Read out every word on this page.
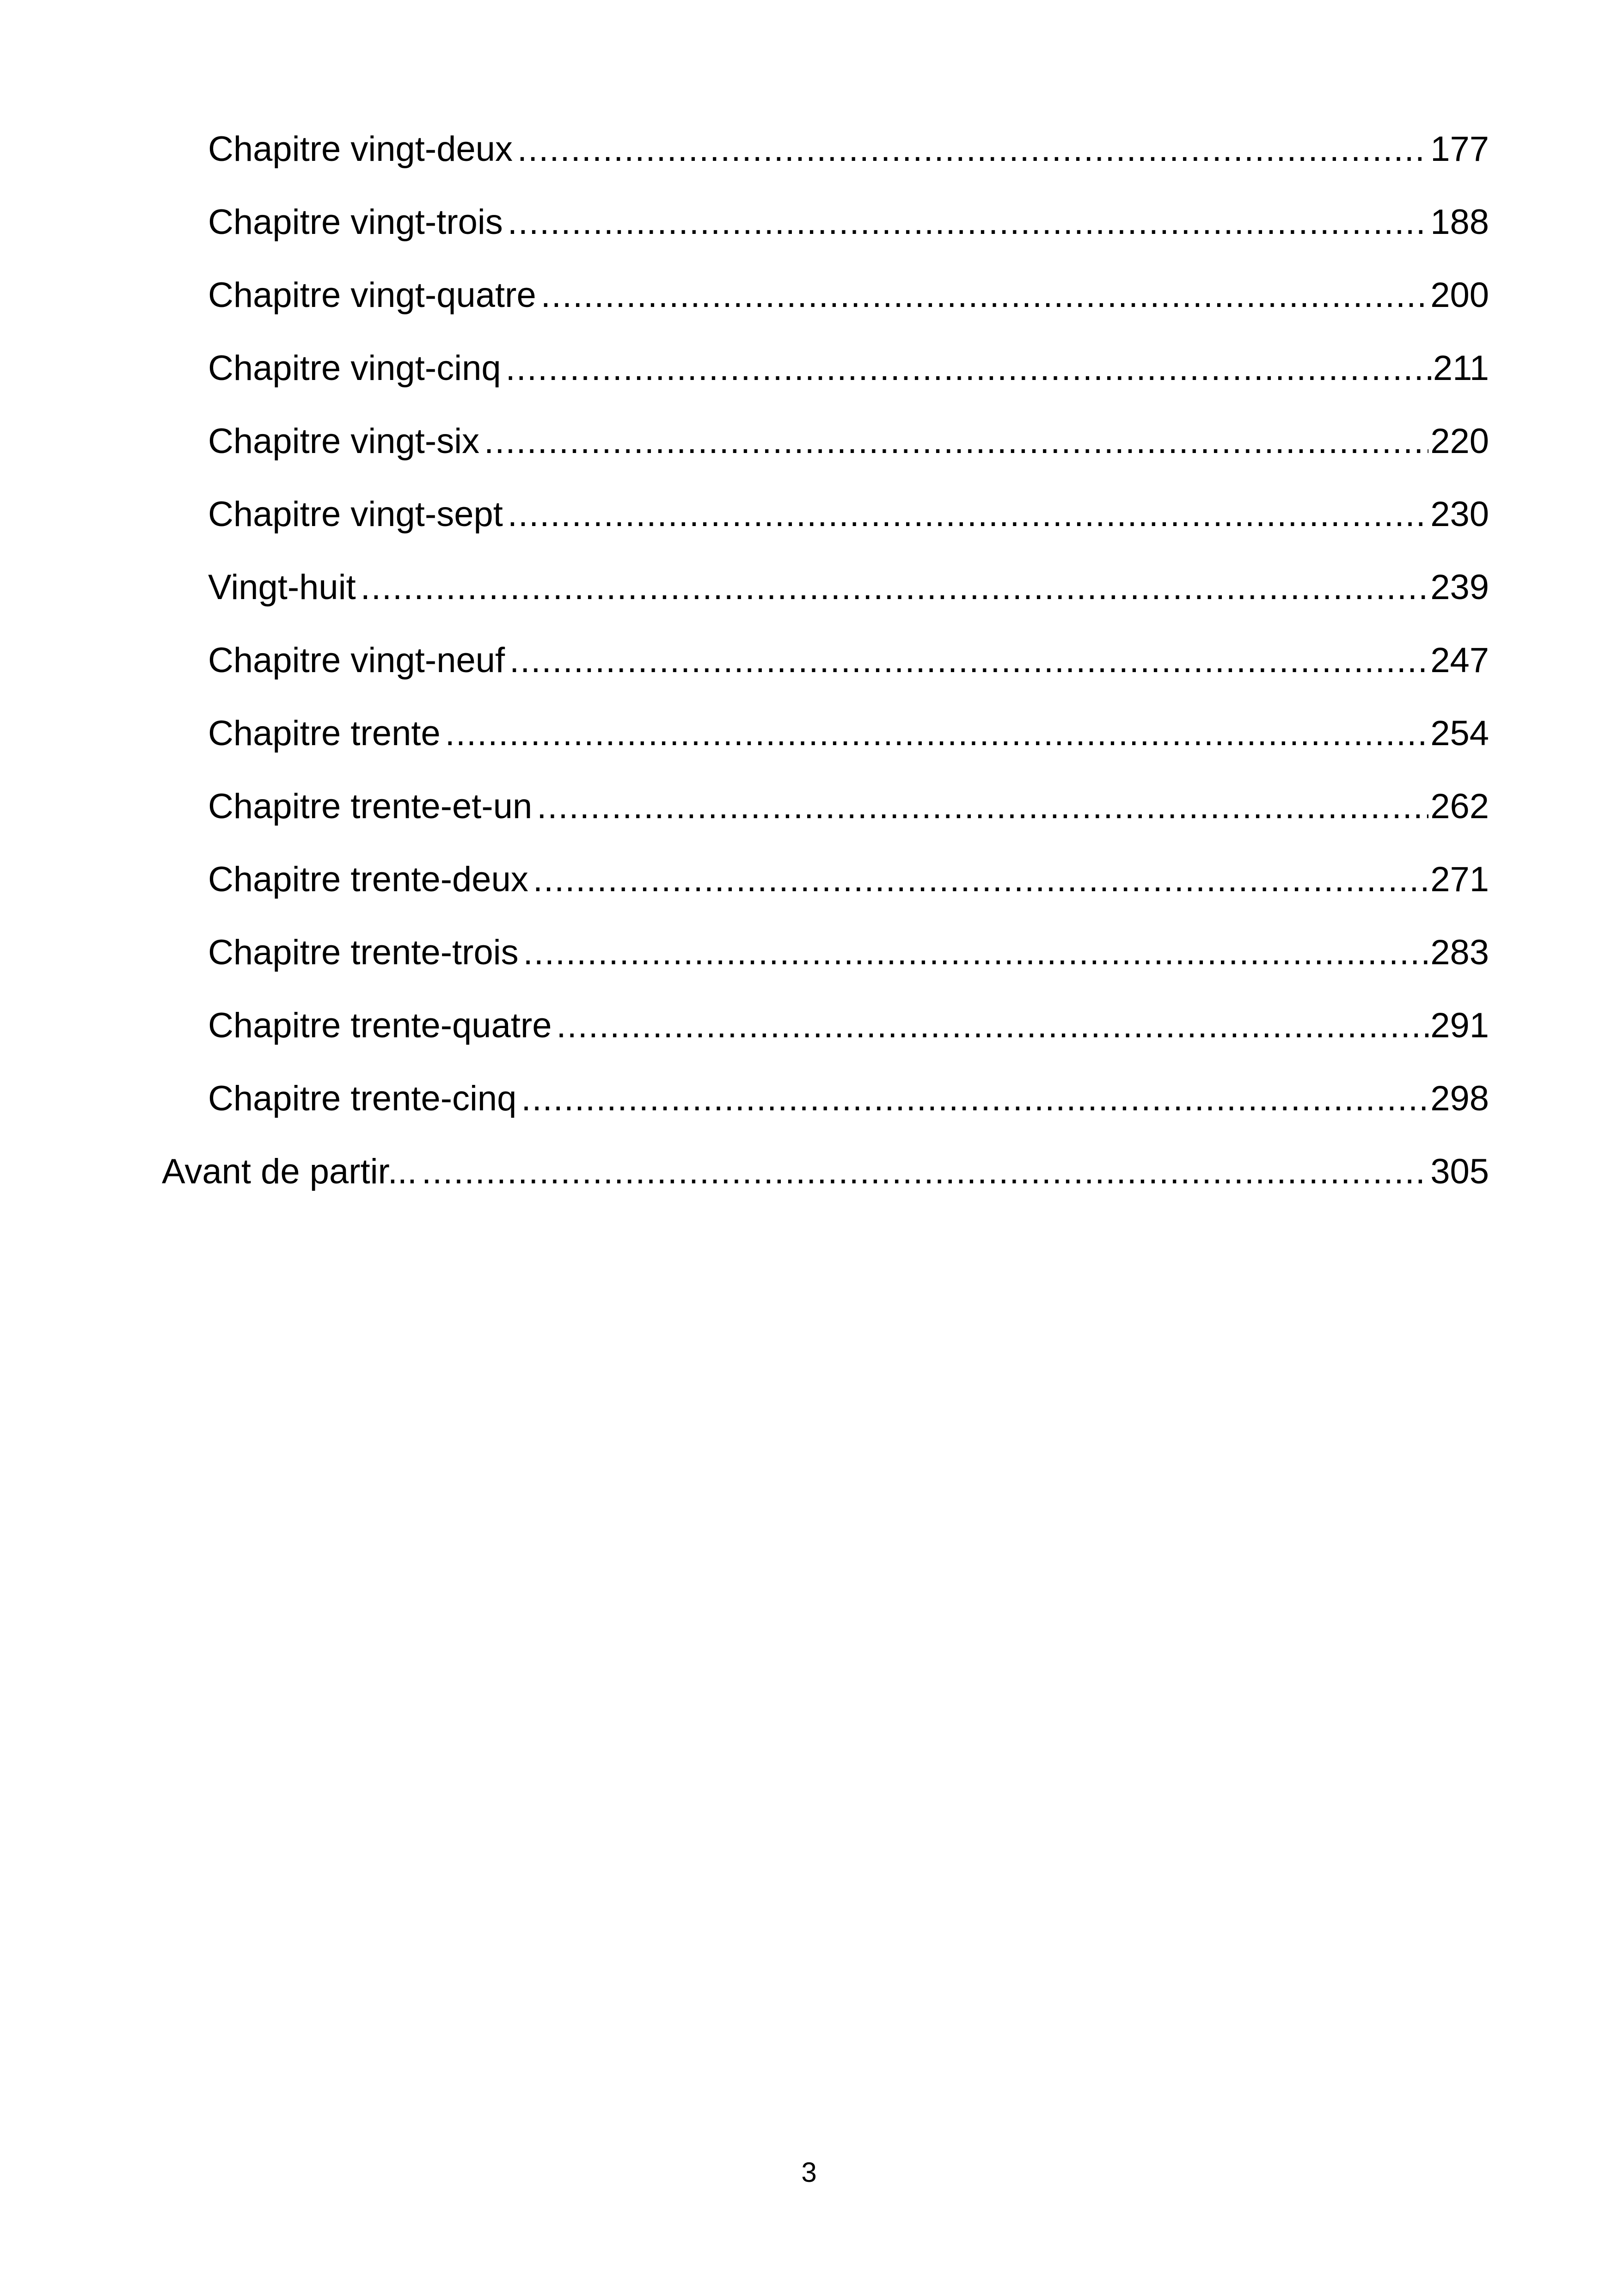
Chapitre vingt-deux .....	177
Chapitre vingt-trois .....	188
Chapitre vingt-quatre .....	200
Chapitre vingt-cinq .....	211
Chapitre vingt-six .....	220
Chapitre vingt-sept .....	230
Vingt-huit .....	239
Chapitre vingt-neuf .....	247
Chapitre trente .....	254
Chapitre trente-et-un .....	262
Chapitre trente-deux .....	271
Chapitre trente-trois .....	283
Chapitre trente-quatre .....	291
Chapitre trente-cinq .....	298
Avant de partir... .....	305
3
